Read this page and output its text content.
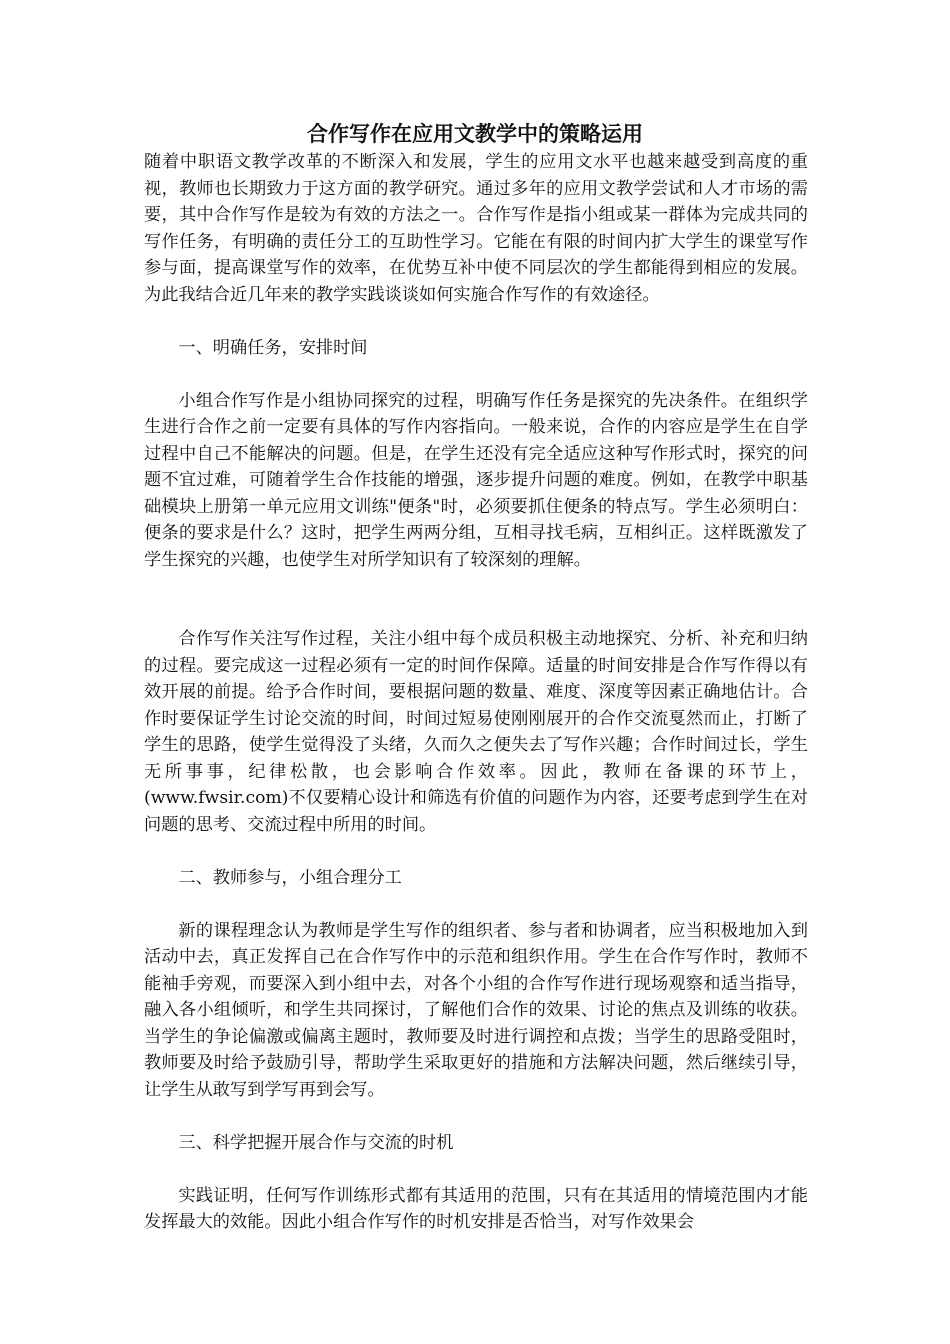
合作写作在应用文教学中的策略运用

随着中职语文教学改革的不断深入和发展，学生的应用文水平也越来越受到高度的重视，教师也长期致力于这方面的教学研究。通过多年的应用文教学尝试和人才市场的需要，其中合作写作是较为有效的方法之一。合作写作是指小组或某一群体为完成共同的写作任务，有明确的责任分工的互助性学习。它能在有限的时间内扩大学生的课堂写作参与面，提高课堂写作的效率，在优势互补中使不同层次的学生都能得到相应的发展。为此我结合近几年来的教学实践谈谈如何实施合作写作的有效途径。

一、明确任务，安排时间

小组合作写作是小组协同探究的过程，明确写作任务是探究的先决条件。在组织学生进行合作之前一定要有具体的写作内容指向。一般来说，合作的内容应是学生在自学过程中自己不能解决的问题。但是，在学生还没有完全适应这种写作形式时，探究的问题不宜过难，可随着学生合作技能的增强，逐步提升问题的难度。例如，在教学中职基础模块上册第一单元应用文训练"便条"时，必须要抓住便条的特点写。学生必须明白：便条的要求是什么？这时，把学生两两分组，互相寻找毛病，互相纠正。这样既激发了学生探究的兴趣，也使学生对所学知识有了较深刻的理解。

合作写作关注写作过程，关注小组中每个成员积极主动地探究、分析、补充和归纳的过程。要完成这一过程必须有一定的时间作保障。适量的时间安排是合作写作得以有效开展的前提。给予合作时间，要根据问题的数量、难度、深度等因素正确地估计。合作时要保证学生讨论交流的时间，时间过短易使刚刚展开的合作交流戛然而止，打断了学生的思路，使学生觉得没了头绪，久而久之便失去了写作兴趣；合作时间过长，学生无所事事，纪律松散，也会影响合作效率。因此，教师在备课的环节上，(www.fwsir.com)不仅要精心设计和筛选有价值的问题作为内容，还要考虑到学生在对问题的思考、交流过程中所用的时间。

二、教师参与，小组合理分工

新的课程理念认为教师是学生写作的组织者、参与者和协调者，应当积极地加入到活动中去，真正发挥自己在合作写作中的示范和组织作用。学生在合作写作时，教师不能袖手旁观，而要深入到小组中去，对各个小组的合作写作进行现场观察和适当指导，融入各小组倾听，和学生共同探讨，了解他们合作的效果、讨论的焦点及训练的收获。当学生的争论偏激或偏离主题时，教师要及时进行调控和点拨；当学生的思路受阻时，教师要及时给予鼓励引导，帮助学生采取更好的措施和方法解决问题，然后继续引导，让学生从敢写到学写再到会写。

三、科学把握开展合作与交流的时机

实践证明，任何写作训练形式都有其适用的范围，只有在其适用的情境范围内才能发挥最大的效能。因此小组合作写作的时机安排是否恰当，对写作效果会
